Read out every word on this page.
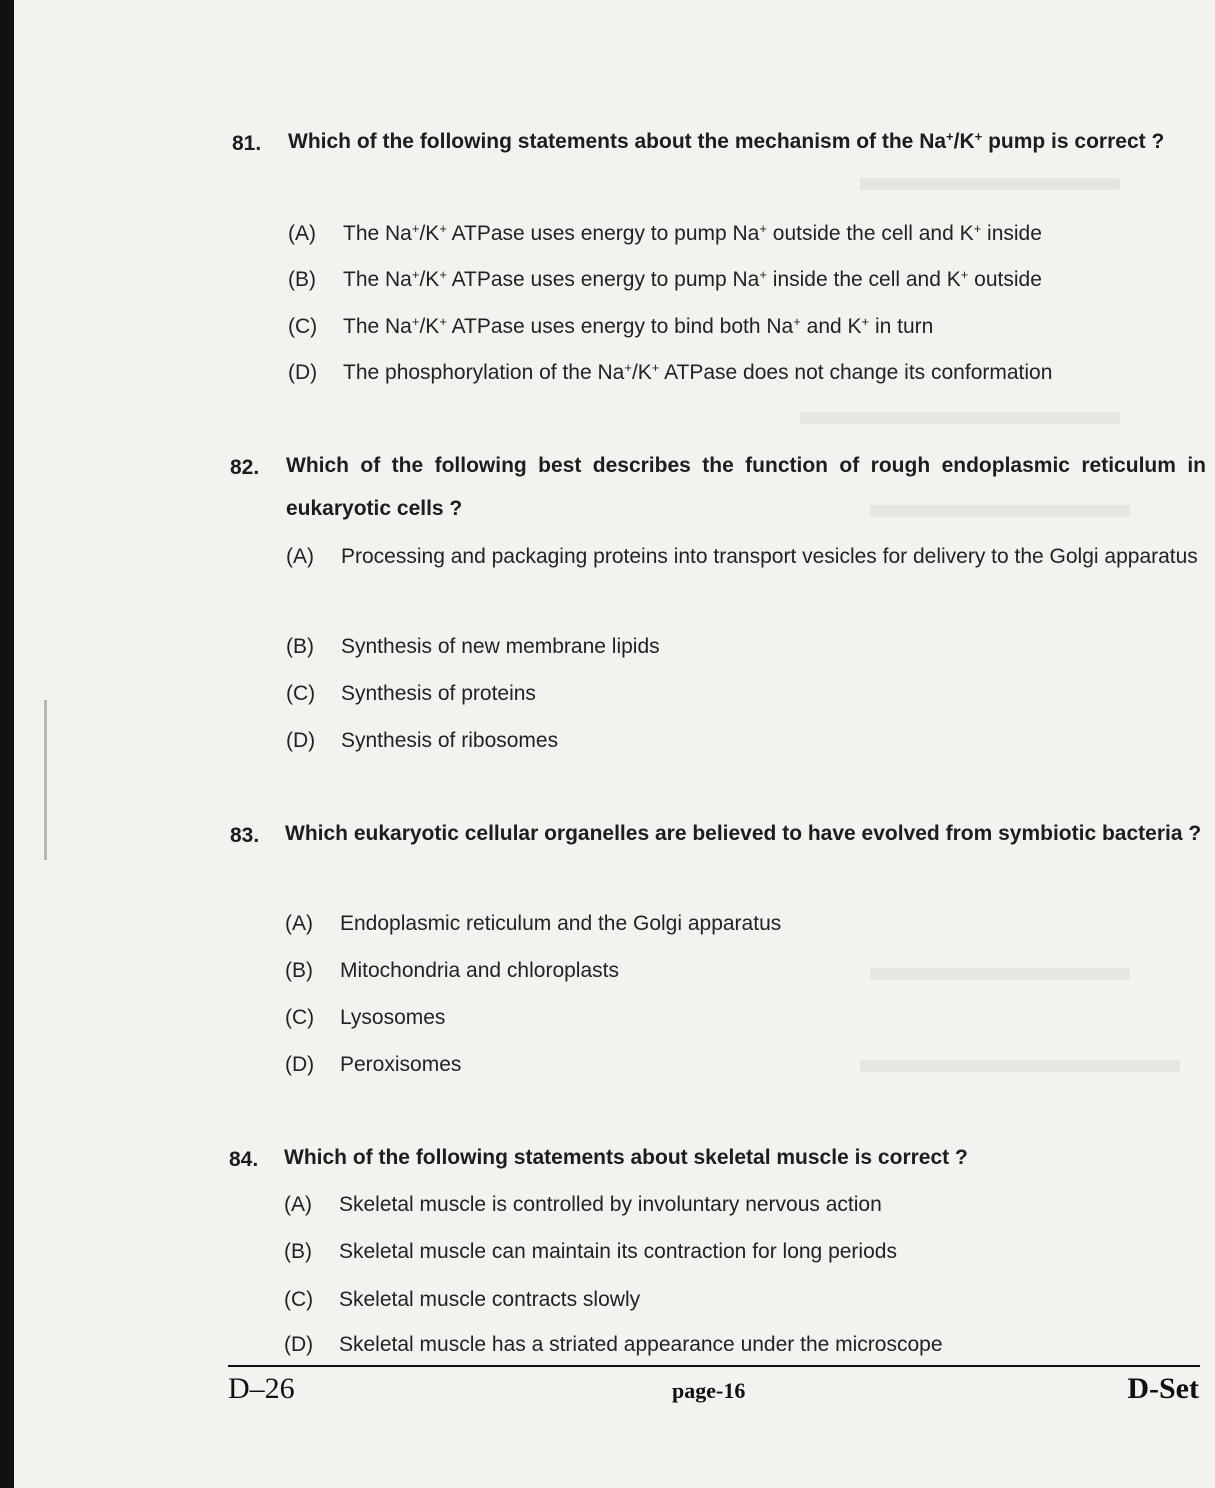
81. Which of the following statements about the mechanism of the Na+/K+ pump is correct ?

(A) The Na+/K+ ATPase uses energy to pump Na+ outside the cell and K+ inside
(B) The Na+/K+ ATPase uses energy to pump Na+ inside the cell and K+ outside
(C) The Na+/K+ ATPase uses energy to bind both Na+ and K+ in turn
(D) The phosphorylation of the Na+/K+ ATPase does not change its conformation
82. Which of the following best describes the function of rough endoplasmic reticulum in eukaryotic cells ?

(A) Processing and packaging proteins into transport vesicles for delivery to the Golgi apparatus
(B) Synthesis of new membrane lipids
(C) Synthesis of proteins
(D) Synthesis of ribosomes
83. Which eukaryotic cellular organelles are believed to have evolved from symbiotic bacteria ?

(A) Endoplasmic reticulum and the Golgi apparatus
(B) Mitochondria and chloroplasts
(C) Lysosomes
(D) Peroxisomes
84. Which of the following statements about skeletal muscle is correct ?

(A) Skeletal muscle is controlled by involuntary nervous action
(B) Skeletal muscle can maintain its contraction for long periods
(C) Skeletal muscle contracts slowly
(D) Skeletal muscle has a striated appearance under the microscope
D–26	page-16	D-Set
